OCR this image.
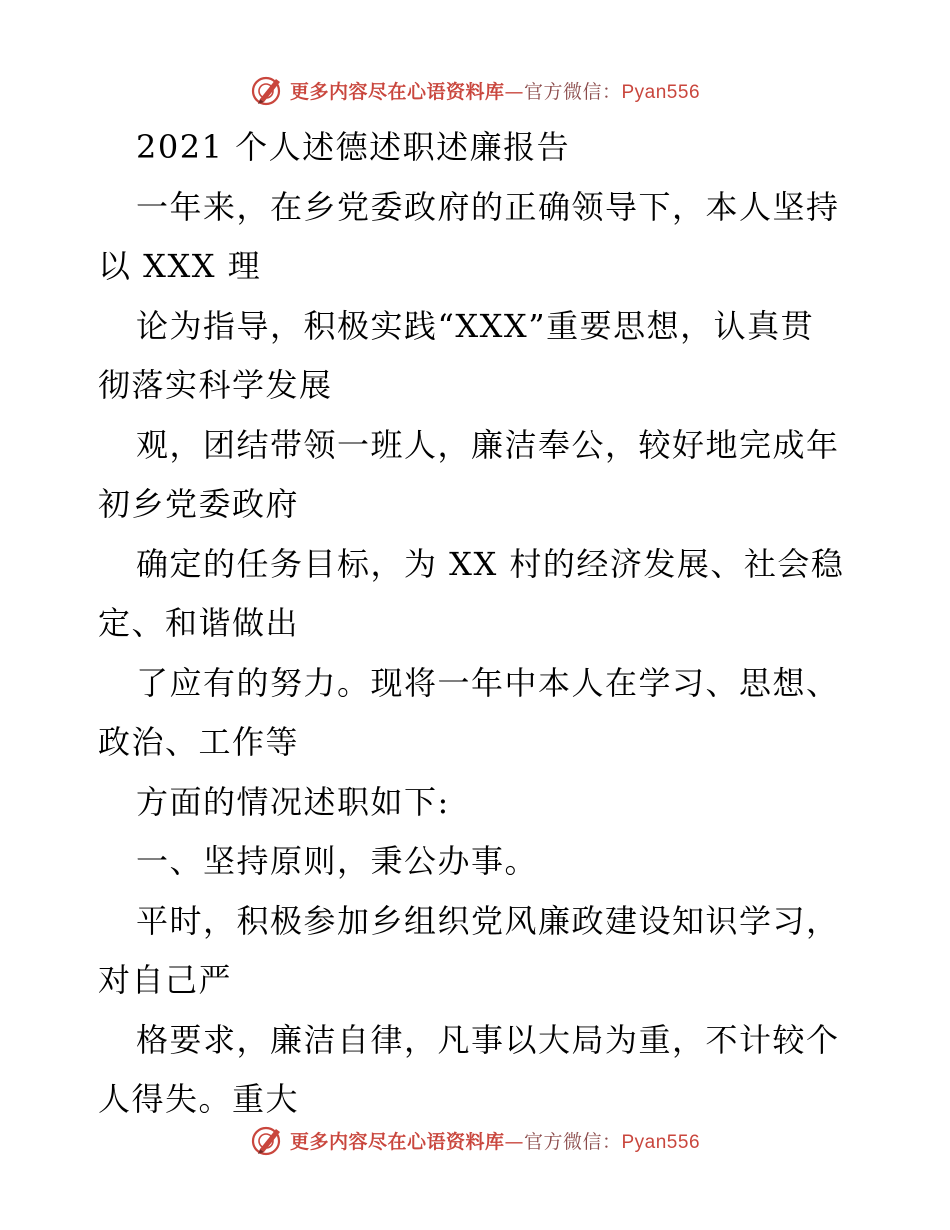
更多内容尽在心语资料库—官方微信：Pyan556
2021 个人述德述职述廉报告
一年来，在乡党委政府的正确领导下，本人坚持
以 XXX 理
论为指导，积极实践“XXX”重要思想，认真贯
彻落实科学发展
观，团结带领一班人，廉洁奉公，较好地完成年
初乡党委政府
确定的任务目标，为 XX 村的经济发展、社会稳
定、和谐做出
了应有的努力。现将一年中本人在学习、思想、
政治、工作等
方面的情况述职如下:
一、坚持原则，秉公办事。
平时，积极参加乡组织党风廉政建设知识学习，
对自己严
格要求，廉洁自律，凡事以大局为重，不计较个
人得失。重大
更多内容尽在心语资料库—官方微信：Pyan556
